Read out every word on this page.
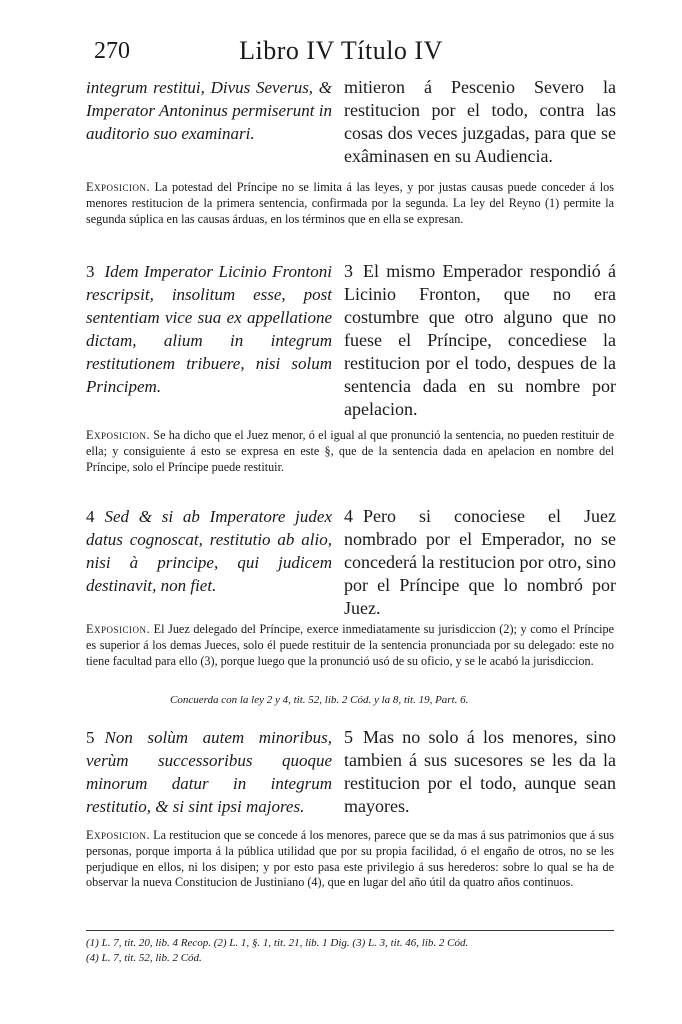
270	Libro IV Título IV
integrum restitui, Divus Severus, & Imperator Antoninus permiserunt in auditorio suo examinari.
mitieron á Pescenio Severo la restitucion por el todo, contra las cosas dos veces juzgadas, para que se exâminasen en su Audiencia.
Exposicion. La potestad del Príncipe no se limita á las leyes, y por justas causas puede conceder á los menores restitucion de la primera sentencia, confirmada por la segunda. La ley del Reyno (1) permite la segunda súplica en las causas árduas, en los términos que en ella se expresan.
3 Idem Imperator Licinio Frontoni rescripsit, insolitum esse, post sententiam vice sua ex appellatione dictam, alium in integrum restitutionem tribuere, nisi solum Principem.
3 El mismo Emperador respondió á Licinio Fronton, que no era costumbre que otro alguno que no fuese el Príncipe, concediese la restitucion por el todo, despues de la sentencia dada en su nombre por apelacion.
Exposicion. Se ha dicho que el Juez menor, ó el igual al que pronunció la sentencia, no pueden restituir de ella; y consiguiente á esto se expresa en este §, que de la sentencia dada en apelacion en nombre del Príncipe, solo el Príncipe puede restituir.
4 Sed & si ab Imperatore judex datus cognoscat, restitutio ab alio, nisi à principe, qui judicem destinavit, non fiet.
4 Pero si conociese el Juez nombrado por el Emperador, no se concederá la restitucion por otro, sino por el Príncipe que lo nombró por Juez.
Exposicion. El Juez delegado del Príncipe, exerce inmediatamente su jurisdiccion (2); y como el Príncipe es superior á los demas Jueces, solo él puede restituir de la sentencia pronunciada por su delegado: este no tiene facultad para ello (3), porque luego que la pronunció usó de su oficio, y se le acabó la jurisdiccion.
Concuerda con la ley 2 y 4, tit. 52, lib. 2 Cód. y la 8, tit. 19, Part. 6.
5 Non solùm autem minoribus, verùm successoribus quoque minorum datur in integrum restitutio, & si sint ipsi majores.
5 Mas no solo á los menores, sino tambien á sus sucesores se les da la restitucion por el todo, aunque sean mayores.
Exposicion. La restitucion que se concede á los menores, parece que se da mas á sus patrimonios que á sus personas, porque importa á la pública utilidad que por su propia facilidad, ó el engaño de otros, no se les perjudique en ellos, ni los disipen; y por esto pasa este privilegio á sus herederos: sobre lo qual se ha de observar la nueva Constitucion de Justiniano (4), que en lugar del año útil da quatro años continuos.
(1) L. 7, tit. 20, lib. 4 Recop. (2) L. 1, §. 1, tit. 21, lib. 1 Dig. (3) L. 3, tit. 46, lib. 2 Cód.
(4) L. 7, tit. 52, lib. 2 Cód.
